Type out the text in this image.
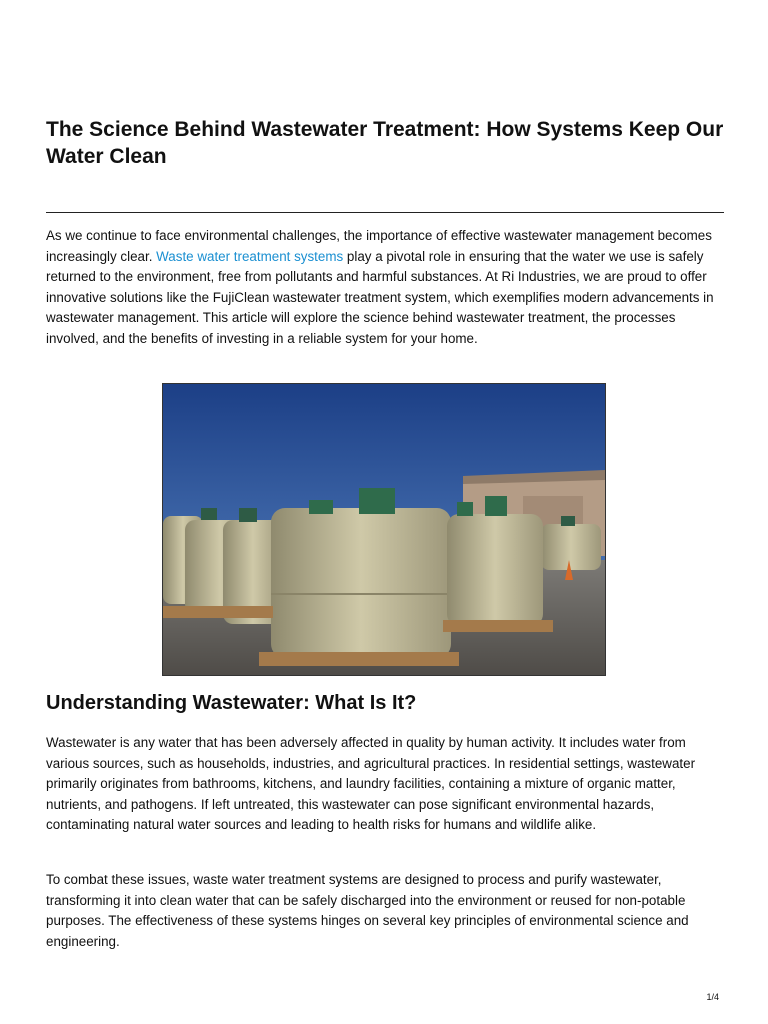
The Science Behind Wastewater Treatment: How Systems Keep Our Water Clean

As we continue to face environmental challenges, the importance of effective wastewater management becomes increasingly clear. Waste water treatment systems play a pivotal role in ensuring that the water we use is safely returned to the environment, free from pollutants and harmful substances. At Ri Industries, we are proud to offer innovative solutions like the FujiClean wastewater treatment system, which exemplifies modern advancements in wastewater management. This article will explore the science behind wastewater treatment, the processes involved, and the benefits of investing in a reliable system for your home.

Understanding Wastewater: What Is It?

Wastewater is any water that has been adversely affected in quality by human activity. It includes water from various sources, such as households, industries, and agricultural practices. In residential settings, wastewater primarily originates from bathrooms, kitchens, and laundry facilities, containing a mixture of organic matter, nutrients, and pathogens. If left untreated, this wastewater can pose significant environmental hazards, contaminating natural water sources and leading to health risks for humans and wildlife alike.

To combat these issues, waste water treatment systems are designed to process and purify wastewater, transforming it into clean water that can be safely discharged into the environment or reused for non-potable purposes. The effectiveness of these systems hinges on several key principles of environmental science and engineering.

1/4
